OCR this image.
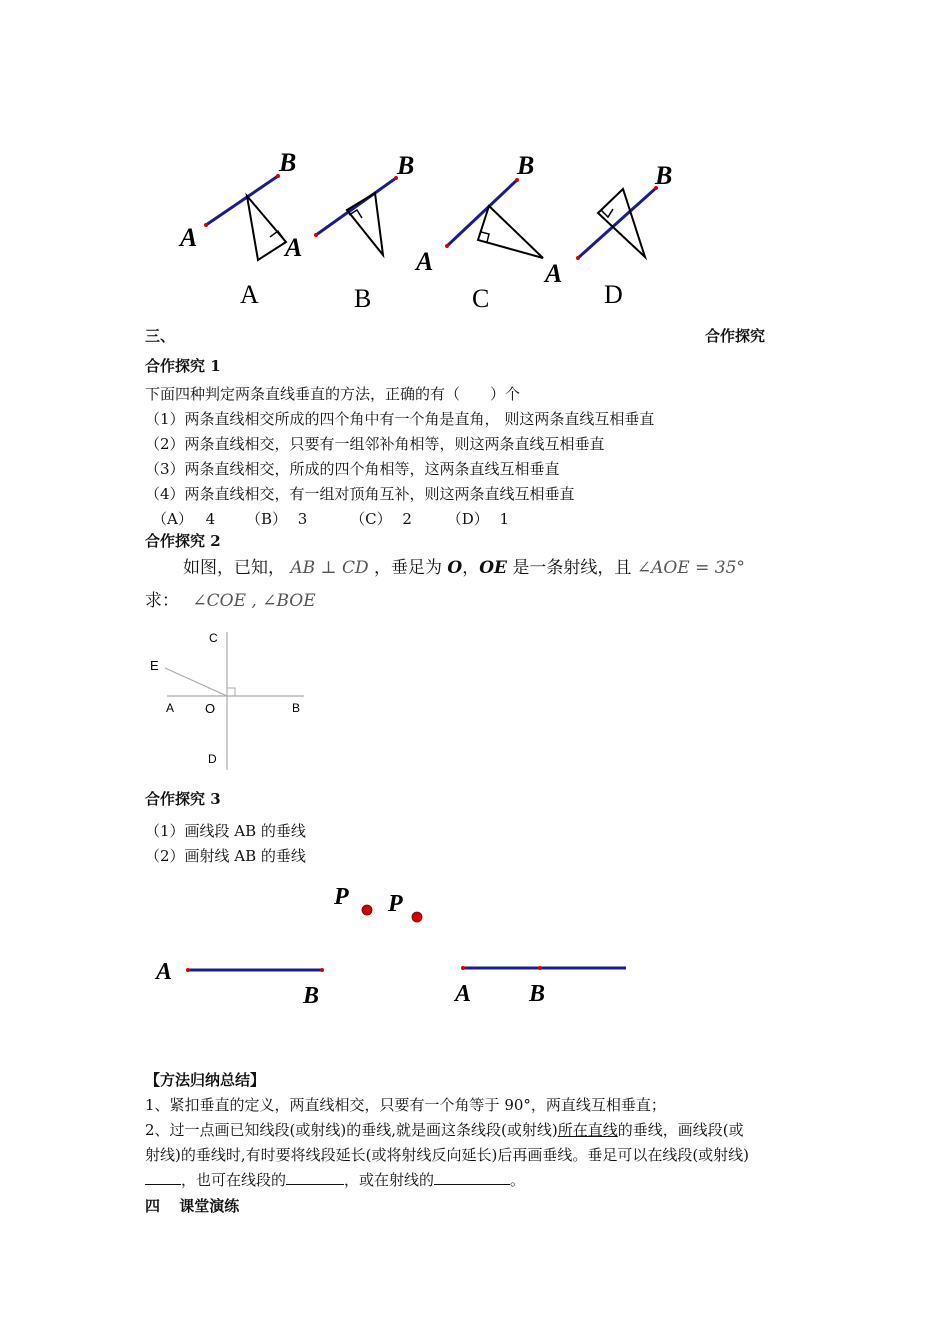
A
B
A
A
B
B
A
B
A
C
B
D
三、	合作探究
合作探究 1
下面四种判定两条直线垂直的方法，正确的有（　　）个
（1）两条直线相交所成的四个角中有一个角是直角， 则这两条直线互相垂直
（2）两条直线相交，只要有一组邻补角相等，则这两条直线互相垂直
（3）两条直线相交，所成的四个角相等，这两条直线互相垂直
（4）两条直线相交，有一组对顶角互补，则这两条直线互相垂直
（A） 4 （B） 3	（C） 2 （D） 1
合作探究 2
如图，已知， AB ⊥ CD ，垂足为 O，OE 是一条射线，且 ∠AOE = 35°
求： ∠COE , ∠BOE
C
E
A O	B
D
合作探究 3
（1）画线段 AB 的垂线
（2）画射线 AB 的垂线
P
A
B
P
A B
【方法归纳总结】
1、紧扣垂直的定义，两直线相交，只要有一个角等于 90°，两直线互相垂直；
2、过一点画已知线段(或射线)的垂线,就是画这条线段(或射线)所在直线的垂线，画线段(或
射线)的垂线时,有时要将线段延长(或将射线反向延长)后再画垂线。垂足可以在线段(或射线)
，也可在线段的	，或在射线的	。
四 课堂演练
